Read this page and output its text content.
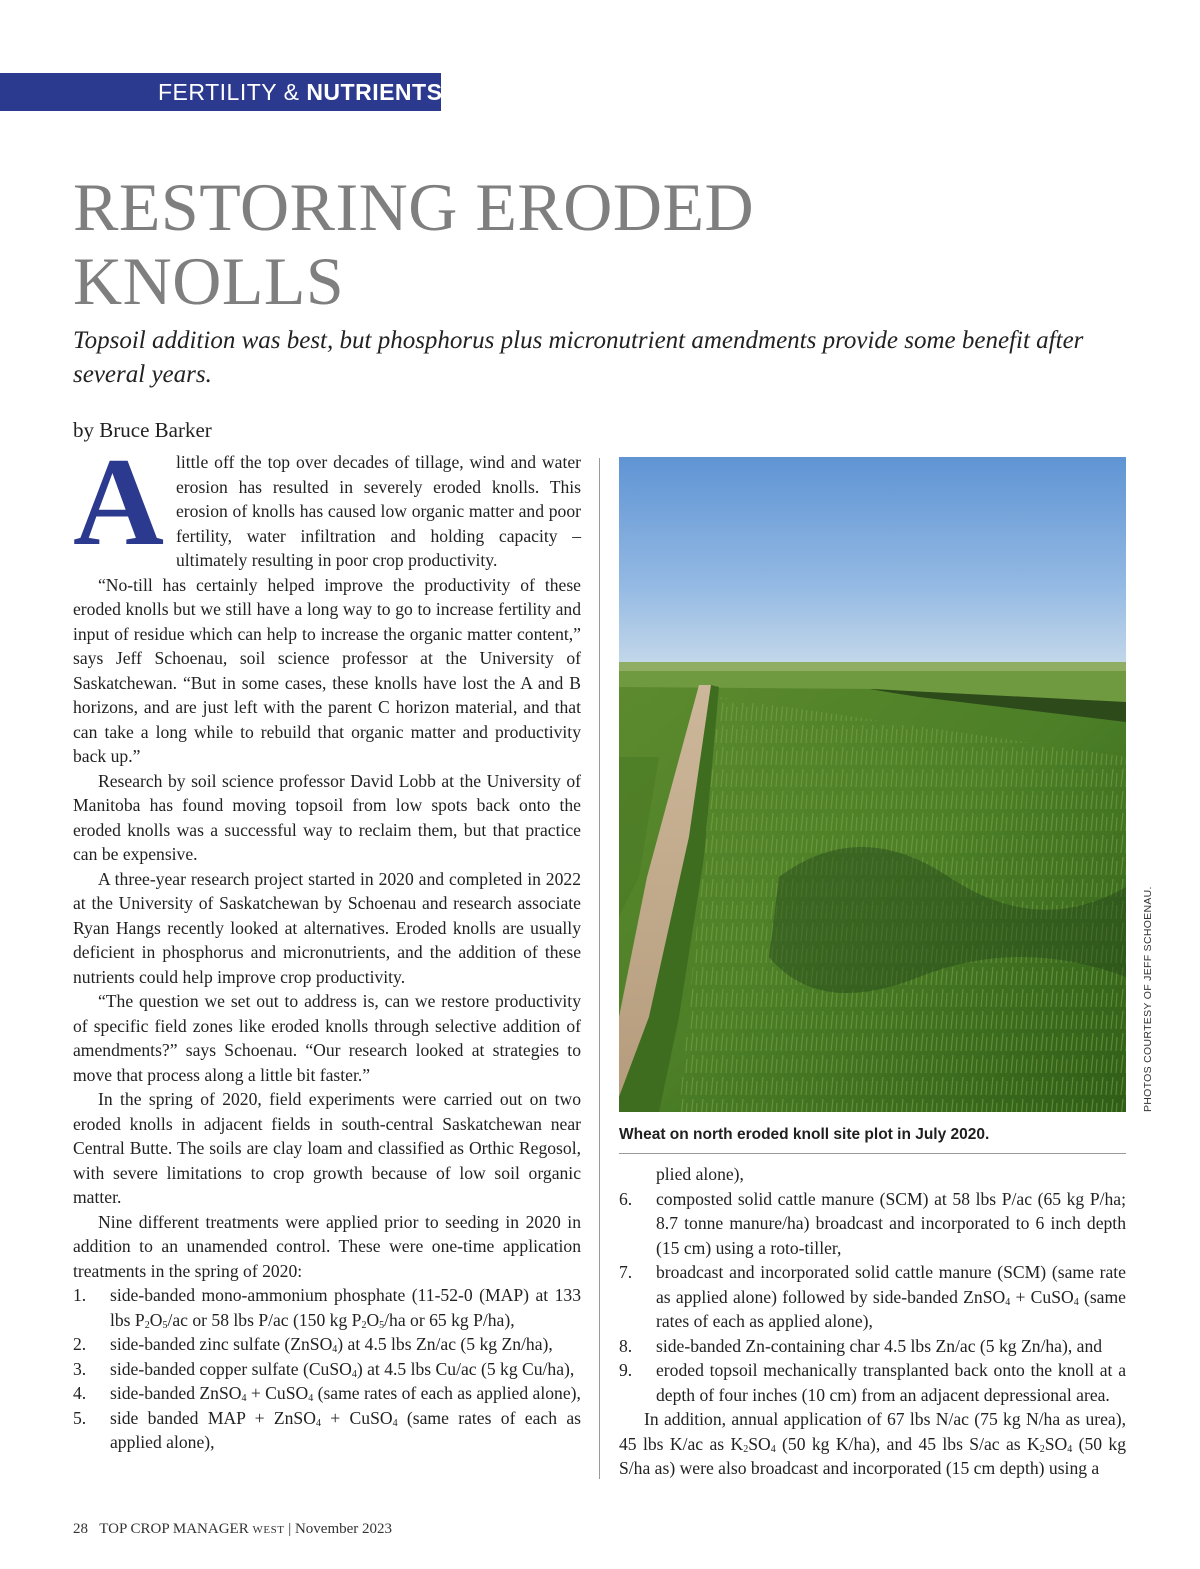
FERTILITY & NUTRIENTS
RESTORING ERODED
KNOLLS

Topsoil addition was best, but phosphorus plus micronutrient amendments provide some benefit after several years.

by Bruce Barker

Alittle off the top over decades of tillage, wind and water erosion has resulted in severely eroded knolls. This erosion of knolls has caused low organic matter and poor fertility, water infiltration and holding capacity – ultimately resulting in poor crop productivity.

“No-till has certainly helped improve the productivity of these eroded knolls but we still have a long way to go to increase fertility and input of residue which can help to increase the organic matter content,” says Jeff Schoenau, soil science professor at the University of Saskatchewan. “But in some cases, these knolls have lost the A and B horizons, and are just left with the parent C horizon material, and that can take a long while to rebuild that organic matter and productivity back up.”

Research by soil science professor David Lobb at the University of Manitoba has found moving topsoil from low spots back onto the eroded knolls was a successful way to reclaim them, but that practice can be expensive.

A three-year research project started in 2020 and completed in 2022 at the University of Saskatchewan by Schoenau and research associate Ryan Hangs recently looked at alternatives. Eroded knolls are usually deficient in phosphorus and micronutrients, and the addition of these nutrients could help improve crop productivity.

“The question we set out to address is, can we restore productivity of specific field zones like eroded knolls through selective addition of amendments?” says Schoenau. “Our research looked at strategies to move that process along a little bit faster.”

In the spring of 2020, field experiments were carried out on two eroded knolls in adjacent fields in south-central Saskatchewan near Central Butte. The soils are clay loam and classified as Orthic Regosol, with severe limitations to crop growth because of low soil organic matter.

Nine different treatments were applied prior to seeding in 2020 in addition to an unamended control. These were one-time application treatments in the spring of 2020:

1. side-banded mono-ammonium phosphate (11-52-0 (MAP) at 133 lbs $P_2O_5/ac$ or 58 lbs P/ac (150 kg $P_2O_5/ha$ or 65 kg P/ha),
2. side-banded zinc sulfate (ZnSO$_4$) at 4.5 lbs Zn/ac (5 kg Zn/ha),
3. side-banded copper sulfate (CuSO$_4$) at 4.5 lbs Cu/ac (5 kg Cu/ha),
4. side-banded ZnSO$_4$ + CuSO$_4$ (same rates of each as applied alone),
5. side banded MAP + ZnSO$_4$ + CuSO$_4$ (same rates of each as applied alone),
PHOTOS COURTESY OF JEFF SCHOENAU.
Wheat on north eroded knoll site plot in July 2020.
plied alone),
6. composted solid cattle manure (SCM) at 58 lbs P/ac (65 kg P/ha; 8.7 tonne manure/ha) broadcast and incorporated to 6 inch depth (15 cm) using a roto-tiller,
7. broadcast and incorporated solid cattle manure (SCM) (same rate as applied alone) followed by side-banded ZnSO$_4$ + CuSO$_4$ (same rates of each as applied alone),
8. side-banded Zn-containing char 4.5 lbs Zn/ac (5 kg Zn/ha), and
9. eroded topsoil mechanically transplanted back onto the knoll at a depth of four inches (10 cm) from an adjacent depressional area.

In addition, annual application of 67 lbs N/ac (75 kg N/ha as urea), 45 lbs K/ac as $K_2SO_4$ (50 kg K/ha), and 45 lbs S/ac as $K_2SO_4$ (50 kg S/ha as) were also broadcast and incorporated (15 cm depth) using a

28 TOP CROP MANAGER WEST | November 2023
